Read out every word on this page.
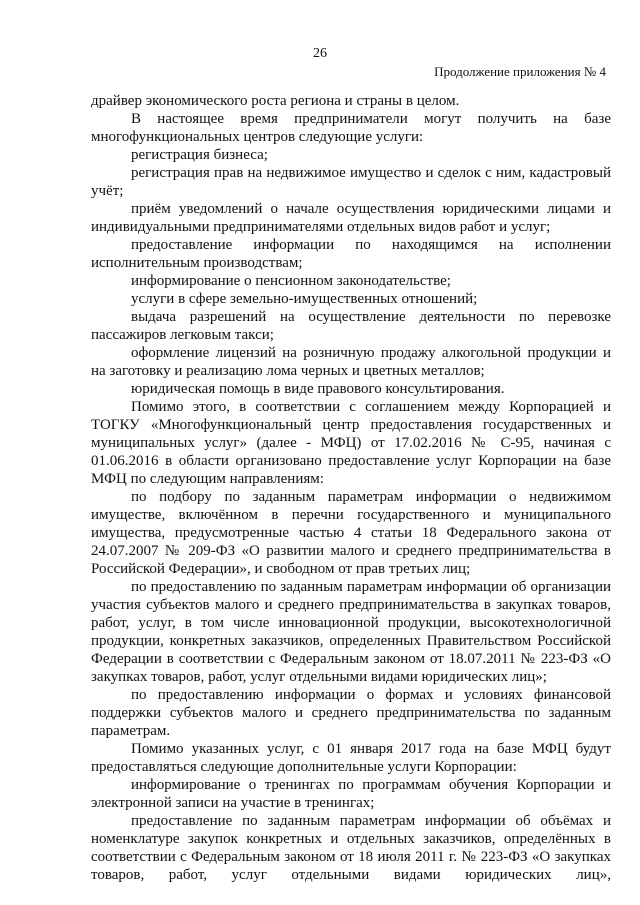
26
Продолжение приложения № 4

драйвер экономического роста региона и страны в целом.

В настоящее время предприниматели могут получить на базе многофункциональных центров следующие услуги:

регистрация бизнеса;

регистрация прав на недвижимое имущество и сделок с ним, кадастровый учёт;

приём уведомлений о начале осуществления юридическими лицами и индивидуальными предпринимателями отдельных видов работ и услуг;

предоставление информации по находящимся на исполнении исполнительным производствам;

информирование о пенсионном законодательстве;

услуги в сфере земельно-имущественных отношений;

выдача разрешений на осуществление деятельности по перевозке пассажиров легковым такси;

оформление лицензий на розничную продажу алкогольной продукции и на заготовку и реализацию лома черных и цветных металлов;

юридическая помощь в виде правового консультирования.

Помимо этого, в соответствии с соглашением между Корпорацией и ТОГКУ «Многофункциональный центр предоставления государственных и муниципальных услуг» (далее - МФЦ) от 17.02.2016 № С-95, начиная с 01.06.2016 в области организовано предоставление услуг Корпорации на базе МФЦ по следующим направлениям:

по подбору по заданным параметрам информации о недвижимом имуществе, включённом в перечни государственного и муниципального имущества, предусмотренные частью 4 статьи 18 Федерального закона от 24.07.2007 № 209-ФЗ «О развитии малого и среднего предпринимательства в Российской Федерации», и свободном от прав третьих лиц;

по предоставлению по заданным параметрам информации об организации участия субъектов малого и среднего предпринимательства в закупках товаров, работ, услуг, в том числе инновационной продукции, высокотехнологичной продукции, конкретных заказчиков, определенных Правительством Российской Федерации в соответствии с Федеральным законом от 18.07.2011 № 223-ФЗ «О закупках товаров, работ, услуг отдельными видами юридических лиц»;

по предоставлению информации о формах и условиях финансовой поддержки субъектов малого и среднего предпринимательства по заданным параметрам.

Помимо указанных услуг, с 01 января 2017 года на базе МФЦ будут предоставляться следующие дополнительные услуги Корпорации:

информирование о тренингах по программам обучения Корпорации и электронной записи на участие в тренингах;

предоставление по заданным параметрам информации об объёмах и номенклатуре закупок конкретных и отдельных заказчиков, определённых в соответствии с Федеральным законом от 18 июля 2011 г. № 223-ФЗ «О закупках товаров, работ, услуг отдельными видами юридических лиц»,
